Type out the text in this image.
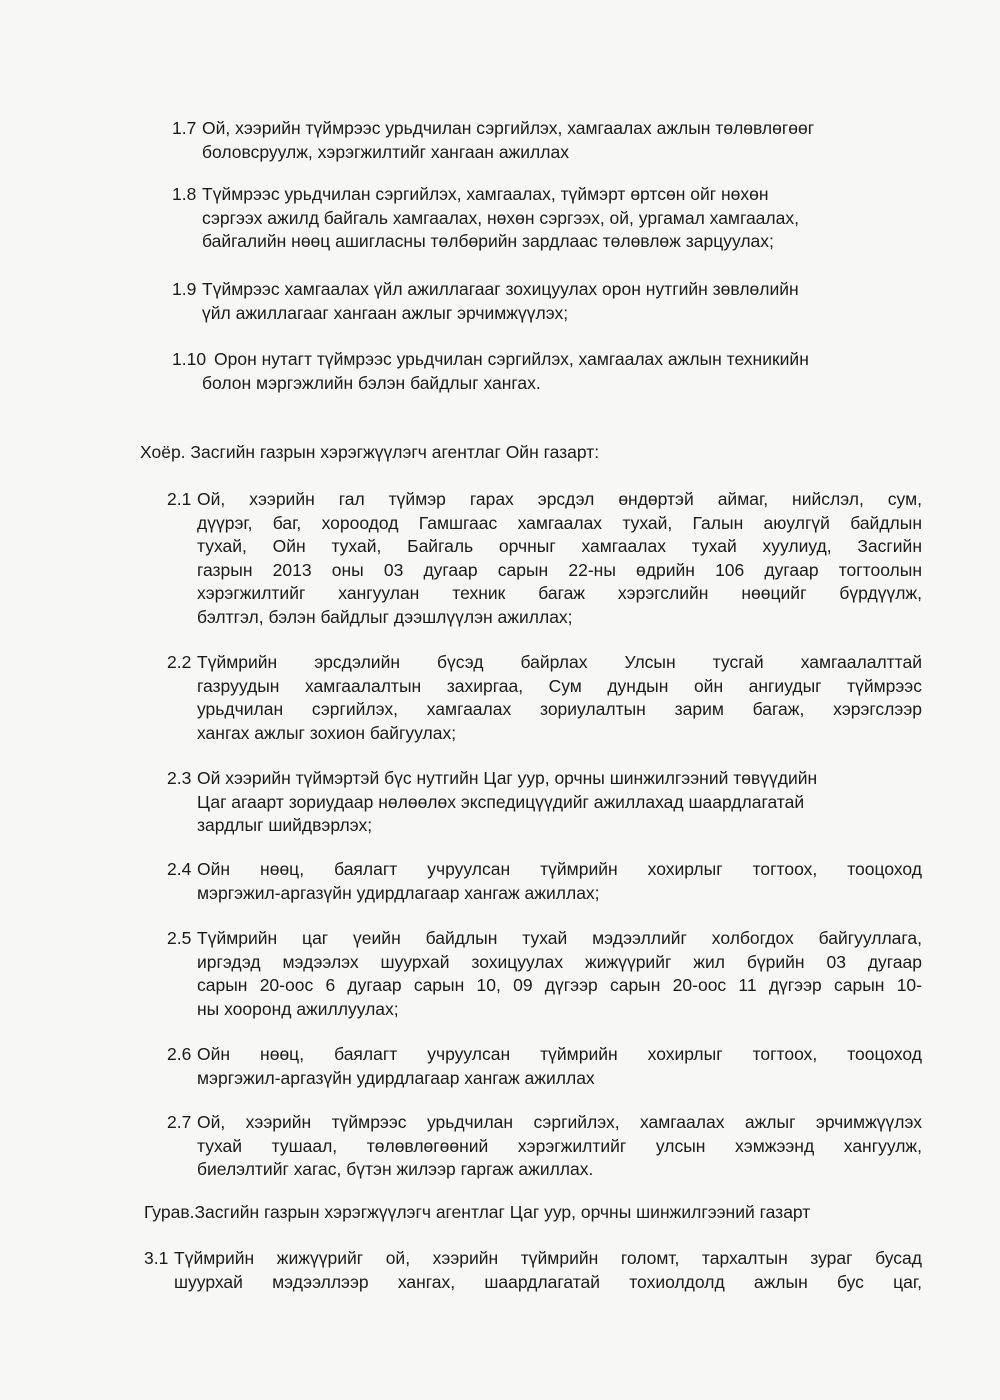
1.7 Ой, хээрийн түймрээс урьдчилан сэргийлэх, хамгаалах ажлын төлөвлөгөөг
боловсруулж, хэрэгжилтийг хангаан ажиллах
1.8 Түймрээс урьдчилан сэргийлэх, хамгаалах, түймэрт өртсөн ойг нөхөн
сэргээх ажилд байгаль хамгаалах, нөхөн сэргээх, ой, ургамал хамгаалах,
байгалийн нөөц ашигласны төлбөрийн зардлаас төлөвлөж зарцуулах;
1.9 Түймрээс хамгаалах үйл ажиллагааг зохицуулах орон нутгийн зөвлөлийн
үйл ажиллагааг хангаан ажлыг эрчимжүүлэх;
1.10 Орон нутагт түймрээс урьдчилан сэргийлэх, хамгаалах ажлын техникийн
болон мэргэжлийн бэлэн байдлыг хангах.
Хоёр. Засгийн газрын хэрэгжүүлэгч агентлаг Ойн газарт:
2.1 Ой, хээрийн гал түймэр гарах эрсдэл өндөртэй аймаг, нийслэл, сум,
дүүрэг, баг, хороодод Гамшгаас хамгаалах тухай, Галын аюулгүй байдлын
тухай, Ойн тухай, Байгаль орчныг хамгаалах тухай хуулиуд, Засгийн
газрын 2013 оны 03 дугаар сарын 22-ны өдрийн 106 дугаар тогтоолын
хэрэгжилтийг хангуулан техник багаж хэрэгслийн нөөцийг бүрдүүлж,
бэлтгэл, бэлэн байдлыг дээшлүүлэн ажиллах;
2.2 Түймрийн эрсдэлийн бүсэд байрлах Улсын тусгай хамгаалалттай
газруудын хамгаалалтын захиргаа, Сум дундын ойн ангиудыг түймрээс
урьдчилан сэргийлэх, хамгаалах зориулалтын зарим багаж, хэрэгслээр
хангах ажлыг зохион байгуулах;
2.3 Ой хээрийн түймэртэй бүс нутгийн Цаг уур, орчны шинжилгээний төвүүдийн
Цаг агаарт зориудаар нөлөөлөх экспедицүүдийг ажиллахад шаардлагатай
зардлыг шийдвэрлэх;
2.4 Ойн нөөц, баялагт учруулсан түймрийн хохирлыг тогтоох, тооцоход
мэргэжил-аргазүйн удирдлагаар хангаж ажиллах;
2.5 Түймрийн цаг үеийн байдлын тухай мэдээллийг холбогдох байгууллага,
иргэдэд мэдээлэх шуурхай зохицуулах жижүүрийг жил бүрийн 03 дугаар
сарын 20-оос 6 дугаар сарын 10, 09 дүгээр сарын 20-оос 11 дүгээр сарын 10-
ны хооронд ажиллуулах;
2.6 Ойн нөөц, баялагт учруулсан түймрийн хохирлыг тогтоох, тооцоход
мэргэжил-аргазүйн удирдлагаар хангаж ажиллах
2.7 Ой, хээрийн түймрээс урьдчилан сэргийлэх, хамгаалах ажлыг эрчимжүүлэх
тухай тушаал, төлөвлөгөөний хэрэгжилтийг улсын хэмжээнд хангуулж,
биелэлтийг хагас, бүтэн жилээр гаргаж ажиллах.
Гурав.Засгийн газрын хэрэгжүүлэгч агентлаг Цаг уур, орчны шинжилгээний газарт
3.1 Түймрийн жижүүрийг ой, хээрийн түймрийн голомт, тархалтын зураг бусад
шуурхай мэдээллээр хангах, шаардлагатай тохиолдолд ажлын бус цаг,
